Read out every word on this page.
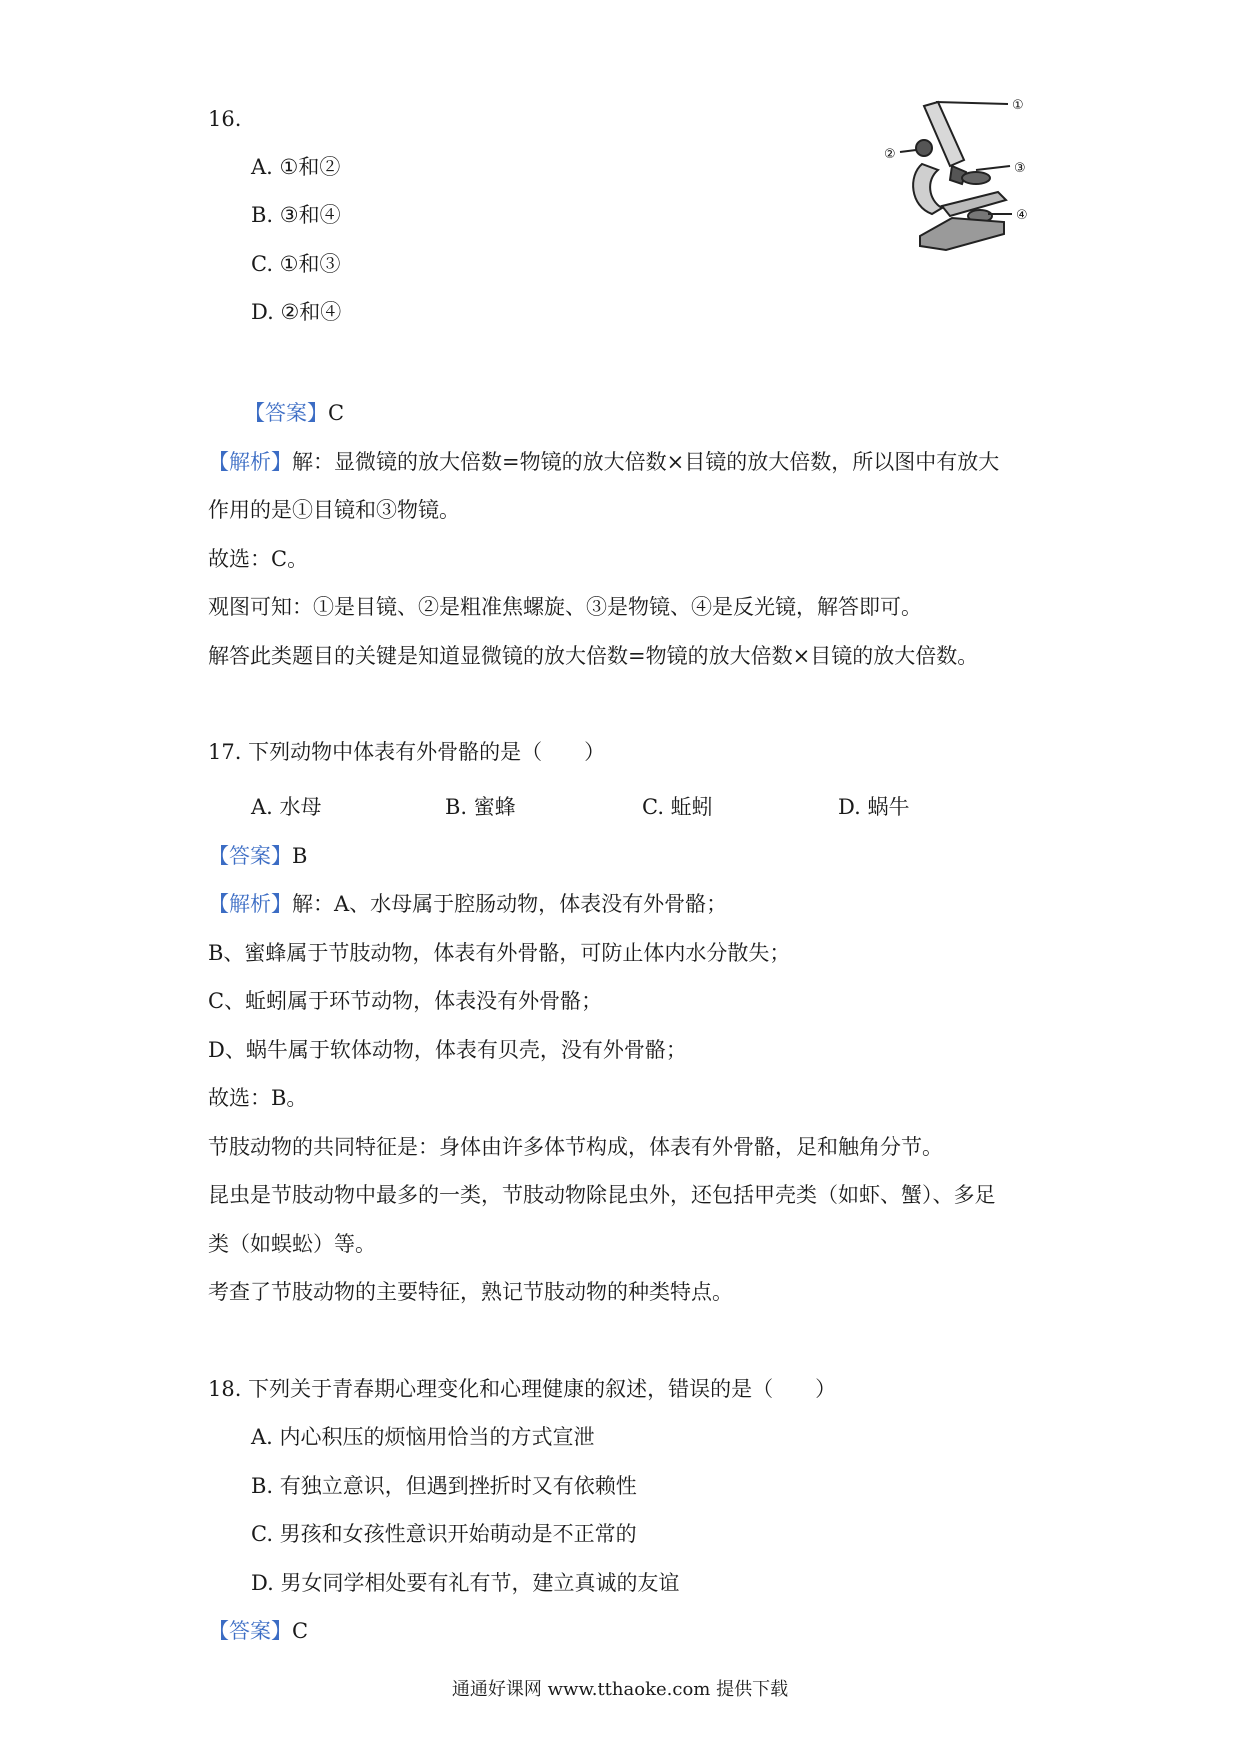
16.
A. ①和②
B. ③和④
C. ①和③
D. ②和④
①
②
③
④
【答案】C
【解析】解：显微镜的放大倍数=物镜的放大倍数×目镜的放大倍数，所以图中有放大
作用的是①目镜和③物镜。
故选：C。
观图可知：①是目镜、②是粗准焦螺旋、③是物镜、④是反光镜，解答即可。
解答此类题目的关键是知道显微镜的放大倍数=物镜的放大倍数×目镜的放大倍数。
17. 下列动物中体表有外骨骼的是（　　）
A. 水母	B. 蜜蜂	C. 蚯蚓	D. 蜗牛
【答案】B
【解析】解：A、水母属于腔肠动物，体表没有外骨骼；
B、蜜蜂属于节肢动物，体表有外骨骼，可防止体内水分散失；
C、蚯蚓属于环节动物，体表没有外骨骼；
D、蜗牛属于软体动物，体表有贝壳，没有外骨骼；
故选：B。
节肢动物的共同特征是：身体由许多体节构成，体表有外骨骼，足和触角分节。
昆虫是节肢动物中最多的一类，节肢动物除昆虫外，还包括甲壳类（如虾、蟹）、多足
类（如蜈蚣）等。
考查了节肢动物的主要特征，熟记节肢动物的种类特点。
18. 下列关于青春期心理变化和心理健康的叙述，错误的是（　　）
A. 内心积压的烦恼用恰当的方式宣泄
B. 有独立意识，但遇到挫折时又有依赖性
C. 男孩和女孩性意识开始萌动是不正常的
D. 男女同学相处要有礼有节，建立真诚的友谊
【答案】C
通通好课网 www.tthaoke.com 提供下载
